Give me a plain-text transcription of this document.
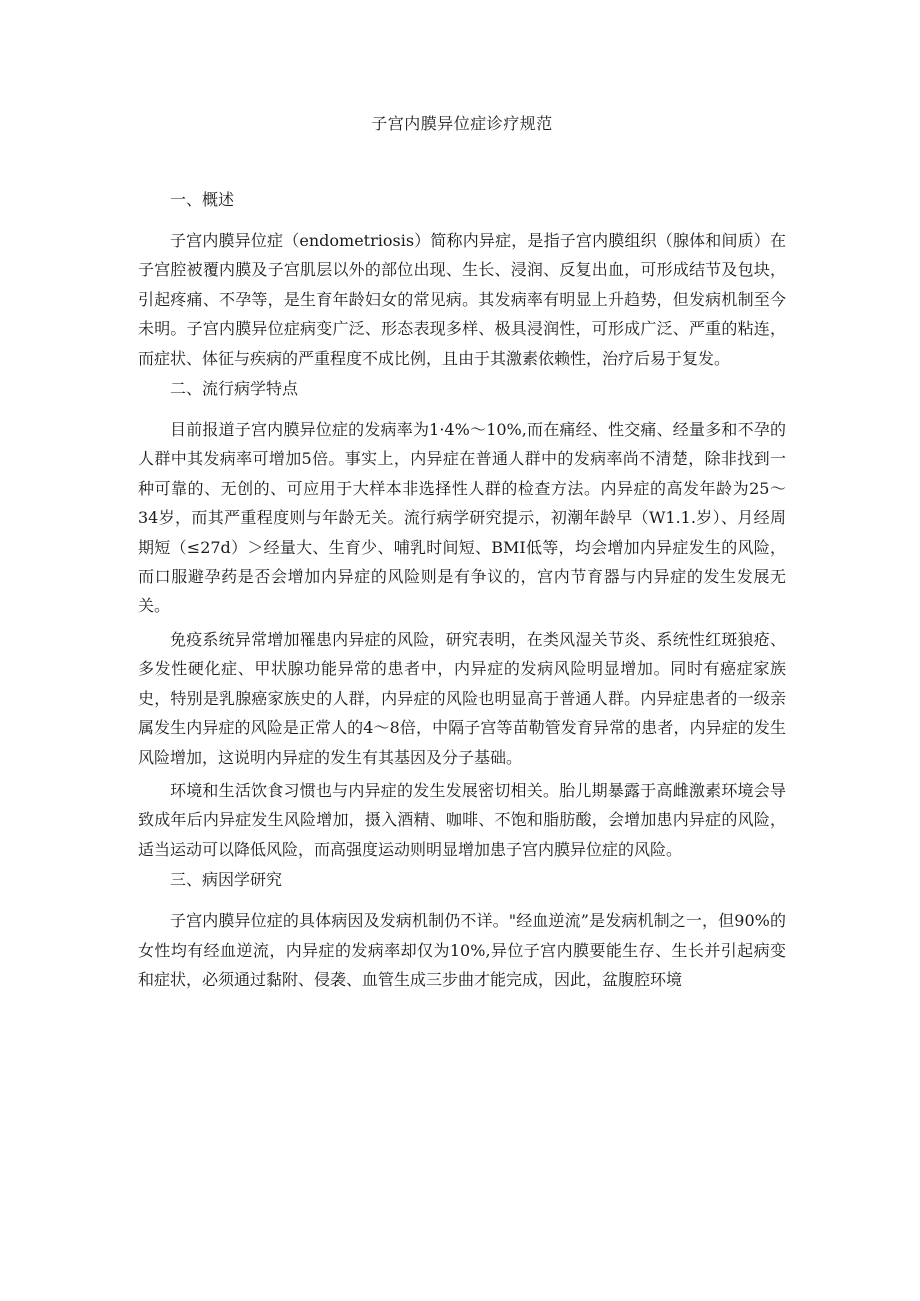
子宫内膜异位症诊疗规范
一、概述

子宫内膜异位症（endometriosis）简称内异症，是指子宫内膜组织（腺体和间质）在子宫腔被覆内膜及子宫肌层以外的部位出现、生长、浸润、反复出血，可形成结节及包块，引起疼痛、不孕等，是生育年龄妇女的常见病。其发病率有明显上升趋势，但发病机制至今未明。子宫内膜异位症病变广泛、形态表现多样、极具浸润性，可形成广泛、严重的粘连，而症状、体征与疾病的严重程度不成比例，且由于其激素依赖性，治疗后易于复发。

二、流行病学特点

目前报道子宫内膜异位症的发病率为1·4%～10%,而在痛经、性交痛、经量多和不孕的人群中其发病率可增加5倍。事实上，内异症在普通人群中的发病率尚不清楚，除非找到一种可靠的、无创的、可应用于大样本非选择性人群的检查方法。内异症的高发年龄为25～34岁，而其严重程度则与年龄无关。流行病学研究提示，初潮年龄早（W1.1.岁）、月经周期短（≤27d）＞经量大、生育少、哺乳时间短、BMI低等，均会增加内异症发生的风险，而口服避孕药是否会增加内异症的风险则是有争议的，宫内节育器与内异症的发生发展无关。

免疫系统异常增加罹患内异症的风险，研究表明，在类风湿关节炎、系统性红斑狼疮、多发性硬化症、甲状腺功能异常的患者中，内异症的发病风险明显增加。同时有癌症家族史，特别是乳腺癌家族史的人群，内异症的风险也明显高于普通人群。内异症患者的一级亲属发生内异症的风险是正常人的4～8倍，中隔子宫等苗勒管发育异常的患者，内异症的发生风险增加，这说明内异症的发生有其基因及分子基础。

环境和生活饮食习惯也与内异症的发生发展密切相关。胎儿期暴露于高雌激素环境会导致成年后内异症发生风险增加，摄入酒精、咖啡、不饱和脂肪酸，会增加患内异症的风险，适当运动可以降低风险，而高强度运动则明显增加患子宫内膜异位症的风险。

三、病因学研究

子宫内膜异位症的具体病因及发病机制仍不详。"经血逆流”是发病机制之一，但90%的女性均有经血逆流，内异症的发病率却仅为10%,异位子宫内膜要能生存、生长并引起病变和症状，必须通过黏附、侵袭、血管生成三步曲才能完成，因此，盆腹腔环境
